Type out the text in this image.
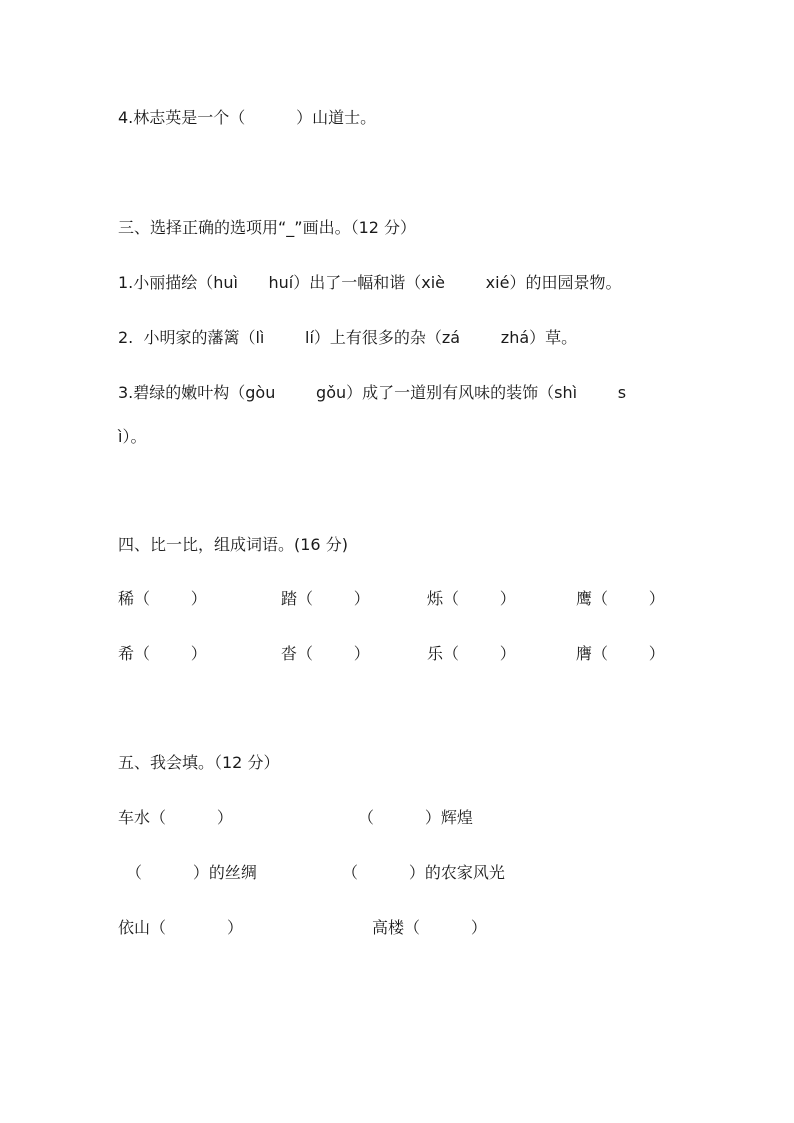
4.林志英是一个（          ）山道士。
三、选择正确的选项用“_”画出。（12 分）
1.小丽描绘（huì      huí）出了一幅和谐（xiè        xié）的田园景物。
2.  小明家的藩篱（lì        lí）上有很多的杂（zá        zhá）草。
3.碧绿的嫩叶构（gòu        gǒu）成了一道别有风味的装饰（shì        s
ì）。
四、比一比，组成词语。(16 分)
稀（        ）	踏（        ）	烁（        ）	鹰（        ）
希（        ）	沓（        ）	乐（        ）	膺（        ）
五、我会填。（12 分）
车水（          ）	（          ）辉煌
（          ）的丝绸	（          ）的农家风光
依山（            ）	高楼（          ）
